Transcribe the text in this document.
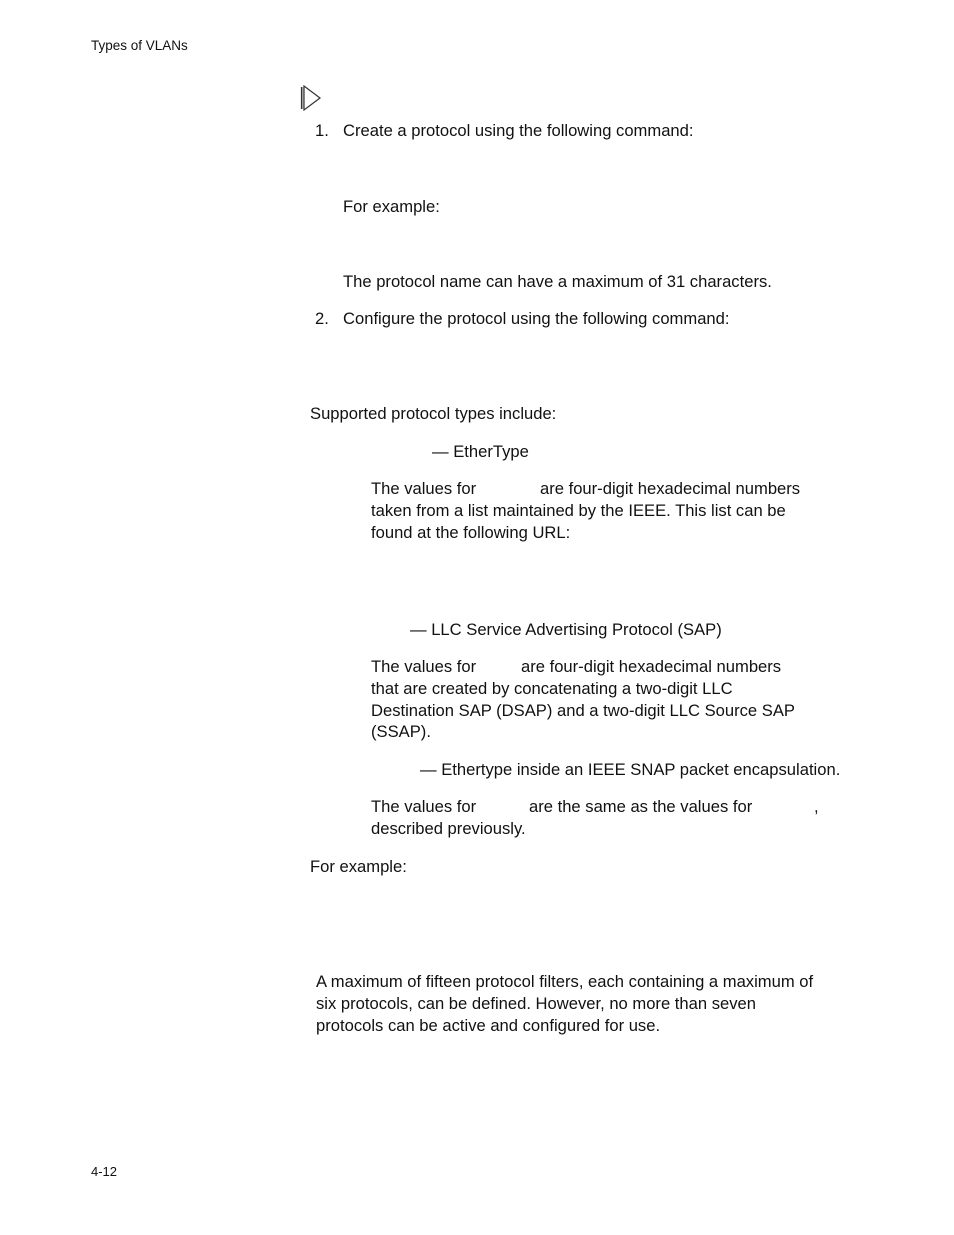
Types of VLANs
1. Create a protocol using the following command:
For example:
The protocol name can have a maximum of 31 characters.
2. Configure the protocol using the following command:
Supported protocol types include:
— EtherType
The values for	are four-digit hexadecimal numbers
taken from a list maintained by the IEEE. This list can be
found at the following URL:
— LLC Service Advertising Protocol (SAP)
The values for	are four-digit hexadecimal numbers
that are created by concatenating a two-digit LLC
Destination SAP (DSAP) and a two-digit LLC Source SAP
(SSAP).
— Ethertype inside an IEEE SNAP packet encapsulation.
The values for	are the same as the values for	,
described previously.
For example:
A maximum of fifteen protocol filters, each containing a maximum of
six protocols, can be defined. However, no more than seven
protocols can be active and configured for use.
4-12
